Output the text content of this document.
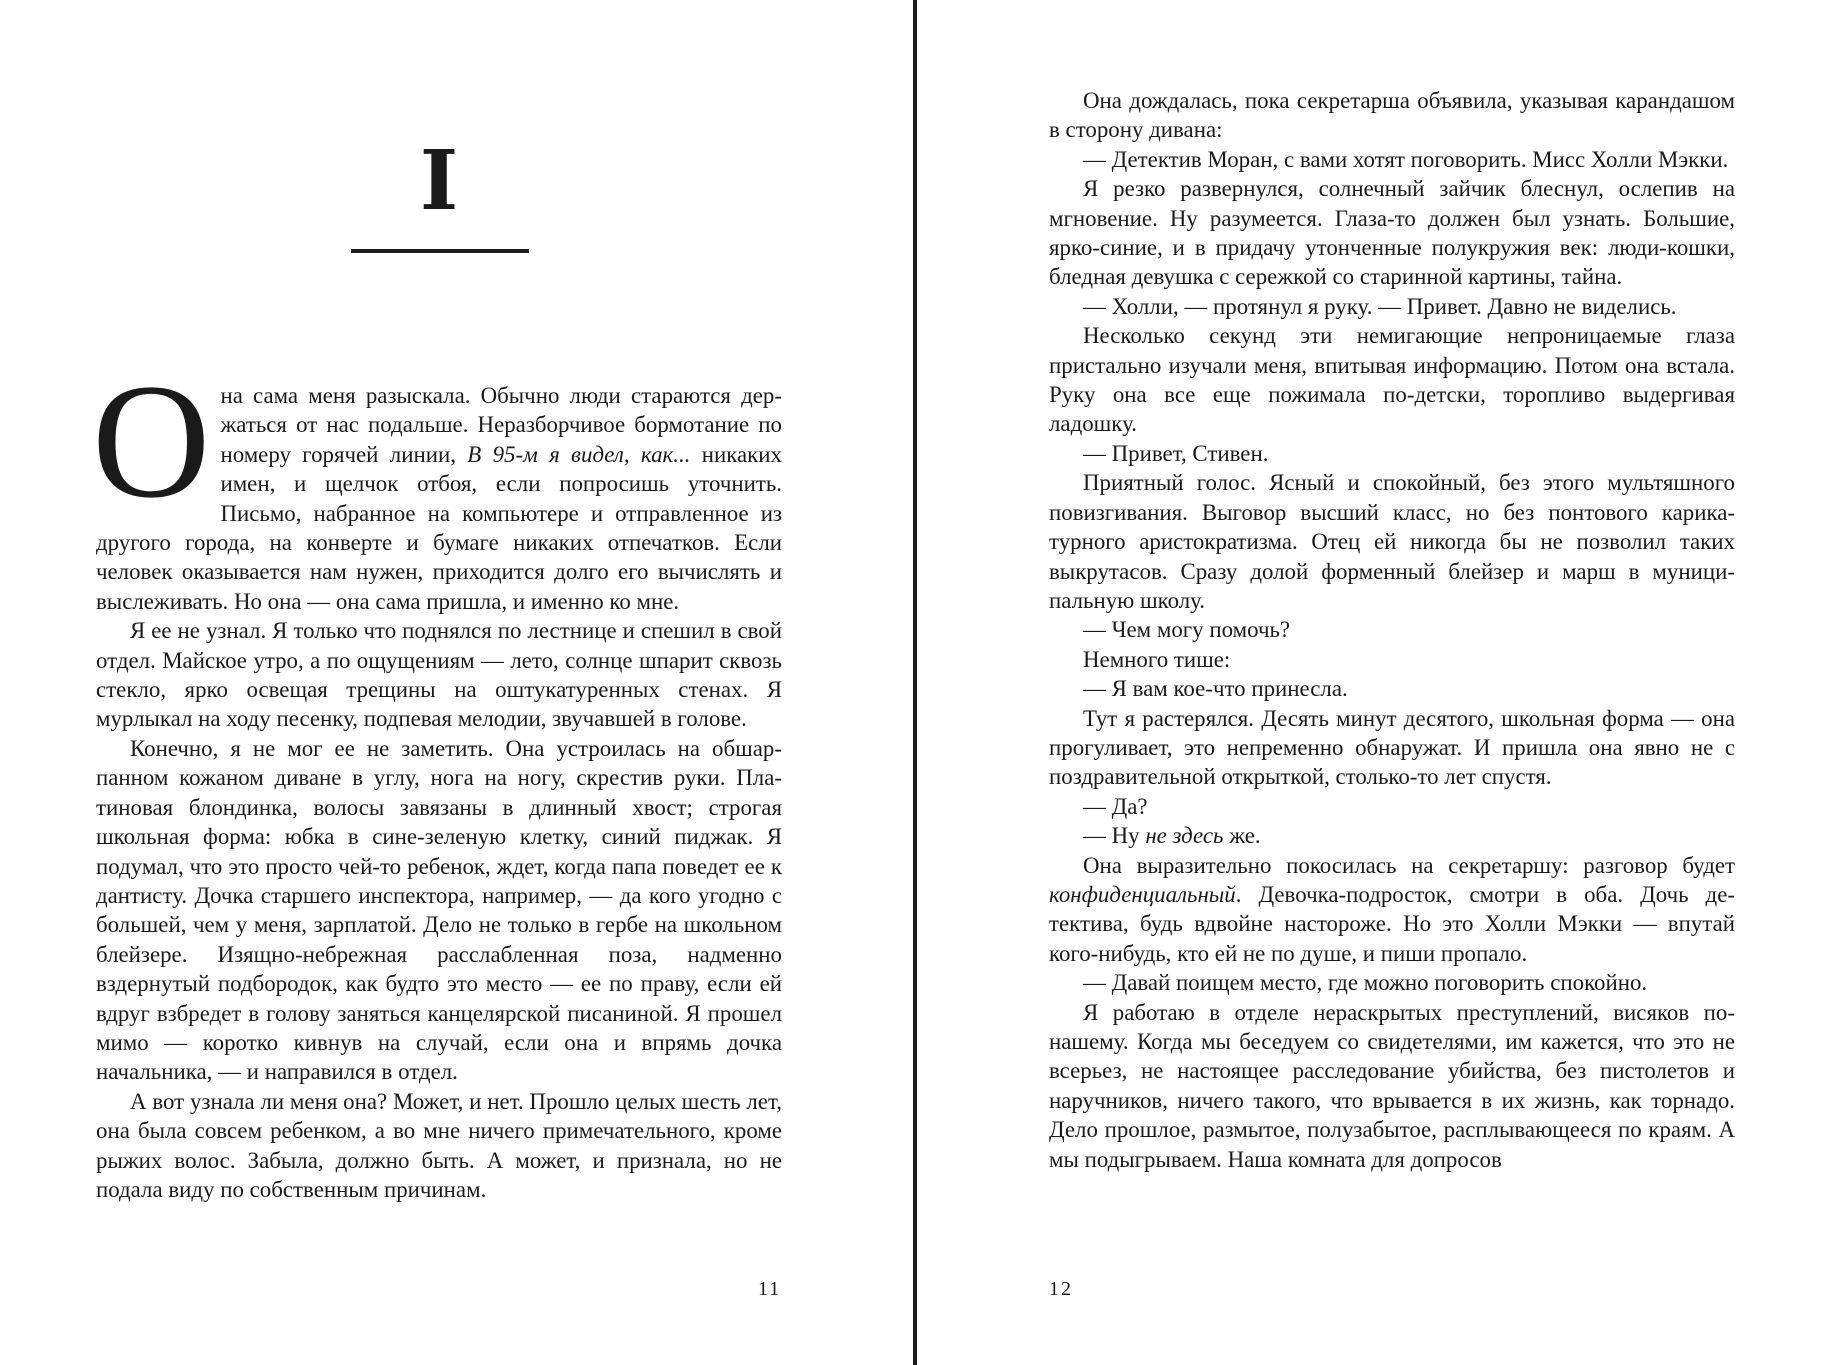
I

Она сама меня разыскала. Обычно люди стараются держаться от нас подальше. Неразборчивое бормотание по номеру горячей линии, В 95-м я видел, как... никаких имен, и щелчок отбоя, если попросишь уточнить. Письмо, набранное на компьютере и отправленное из другого города, на конверте и бумаге никаких отпечатков. Если человек оказывается нам нужен, приходится долго его вычислять и выслеживать. Но она — она сама пришла, и именно ко мне.

Я ее не узнал. Я только что поднялся по лестнице и спешил в свой отдел. Майское утро, а по ощущениям — лето, солнце шпарит сквозь стекло, ярко освещая трещины на оштукатуренных стенах. Я мурлыкал на ходу песенку, подпевая мелодии, звучавшей в голове.

Конечно, я не мог ее не заметить. Она устроилась на обшарпанном кожаном диване в углу, нога на ногу, скрестив руки. Платиновая блондинка, волосы завязаны в длинный хвост; строгая школьная форма: юбка в сине-зеленую клетку, синий пиджак. Я подумал, что это просто чей-то ребенок, ждет, когда папа поведет ее к дантисту. Дочка старшего инспектора, например, — да кого угодно с большей, чем у меня, зарплатой. Дело не только в гербе на школьном блейзере. Изящно-небрежная расслабленная поза, надменно вздернутый подбородок, как будто это место — ее по праву, если ей вдруг взбредет в голову заняться канцелярской писаниной. Я прошел мимо — коротко кивнув на случай, если она и впрямь дочка начальника, — и направился в отдел.

А вот узнала ли меня она? Может, и нет. Прошло целых шесть лет, она была совсем ребенком, а во мне ничего примечательного, кроме рыжих волос. Забыла, должно быть. А может, и признала, но не подала виду по собственным причинам.

11

Она дождалась, пока секретарша объявила, указывая карандашом в сторону дивана:

— Детектив Моран, с вами хотят поговорить. Мисс Холли Мэкки.

Я резко развернулся, солнечный зайчик блеснул, ослепив на мгновение. Ну разумеется. Глаза-то должен был узнать. Большие, ярко-синие, и в придачу утонченные полукружия век: люди-кошки, бледная девушка с сережкой со старинной картины, тайна.

— Холли, — протянул я руку. — Привет. Давно не виделись.

Несколько секунд эти немигающие непроницаемые глаза пристально изучали меня, впитывая информацию. Потом она встала. Руку она все еще пожимала по-детски, торопливо выдергивая ладошку.

— Привет, Стивен.

Приятный голос. Ясный и спокойный, без этого мультяшного повизгивания. Выговор высший класс, но без понтового карикатурного аристократизма. Отец ей никогда бы не позволил таких выкрутасов. Сразу долой форменный блейзер и марш в муниципальную школу.

— Чем могу помочь?

Немного тише:

— Я вам кое-что принесла.

Тут я растерялся. Десять минут десятого, школьная форма — она прогуливает, это непременно обнаружат. И пришла она явно не с поздравительной открыткой, столько-то лет спустя.

— Да?

— Ну не здесь же.

Она выразительно покосилась на секретаршу: разговор будет конфиденциальный. Девочка-подросток, смотри в оба. Дочь детектива, будь вдвойне настороже. Но это Холли Мэкки — впутай кого-нибудь, кто ей не по душе, и пиши пропало.

— Давай поищем место, где можно поговорить спокойно.

Я работаю в отделе нераскрытых преступлений, висяков по-нашему. Когда мы беседуем со свидетелями, им кажется, что это не всерьез, не настоящее расследование убийства, без пистолетов и наручников, ничего такого, что врывается в их жизнь, как торнадо. Дело прошлое, размытое, полузабытое, расплывающееся по краям. А мы подыгрываем. Наша комната для допросов

12
